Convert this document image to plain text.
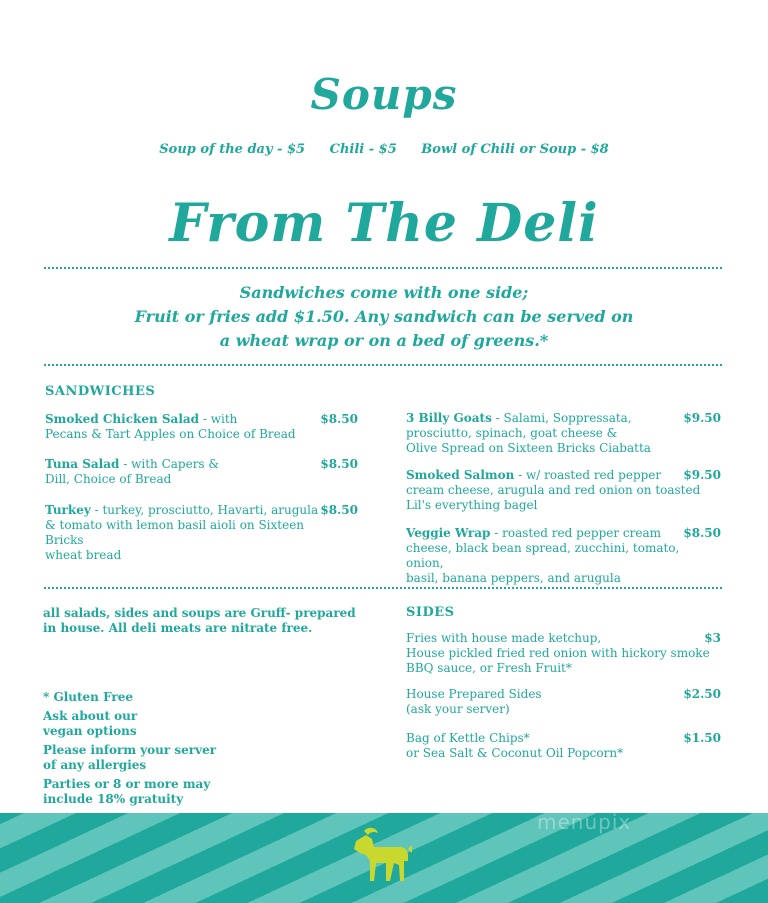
Soups
Soup of the day - $5 Chili - $5 Bowl of Chili or Soup - $8
From The Deli
Sandwiches come with one side;
Fruit or fries add $1.50. Any sandwich can be served on
a wheat wrap or on a bed of greens.*
SANDWICHES
Smoked Chicken Salad - with
Pecans & Tart Apples on Choice of Bread
$8.50
Tuna Salad - with Capers &
Dill, Choice of Bread
$8.50
Turkey - turkey, prosciutto, Havarti, arugula
& tomato with lemon basil aioli on Sixteen Bricks
wheat bread
$8.50
3 Billy Goats - Salami, Soppressata,
prosciutto, spinach, goat cheese &
Olive Spread on Sixteen Bricks Ciabatta
$9.50
Smoked Salmon - w/ roasted red pepper
cream cheese, arugula and red onion on toasted
Lil's everything bagel
$9.50
Veggie Wrap - roasted red pepper cream
cheese, black bean spread, zucchini, tomato, onion,
basil, banana peppers, and arugula
$8.50
all salads, sides and soups are Gruff- prepared
in house. All deli meats are nitrate free.
* Gluten Free
Ask about our
vegan options
Please inform your server
of any allergies
Parties or 8 or more may
include 18% gratuity
SIDES
Fries with house made ketchup,
House pickled fried red onion with hickory smoke
BBQ sauce, or Fresh Fruit*
$3
House Prepared Sides
(ask your server)
$2.50
Bag of Kettle Chips*
or Sea Salt & Coconut Oil Popcorn*
$1.50
menupix
